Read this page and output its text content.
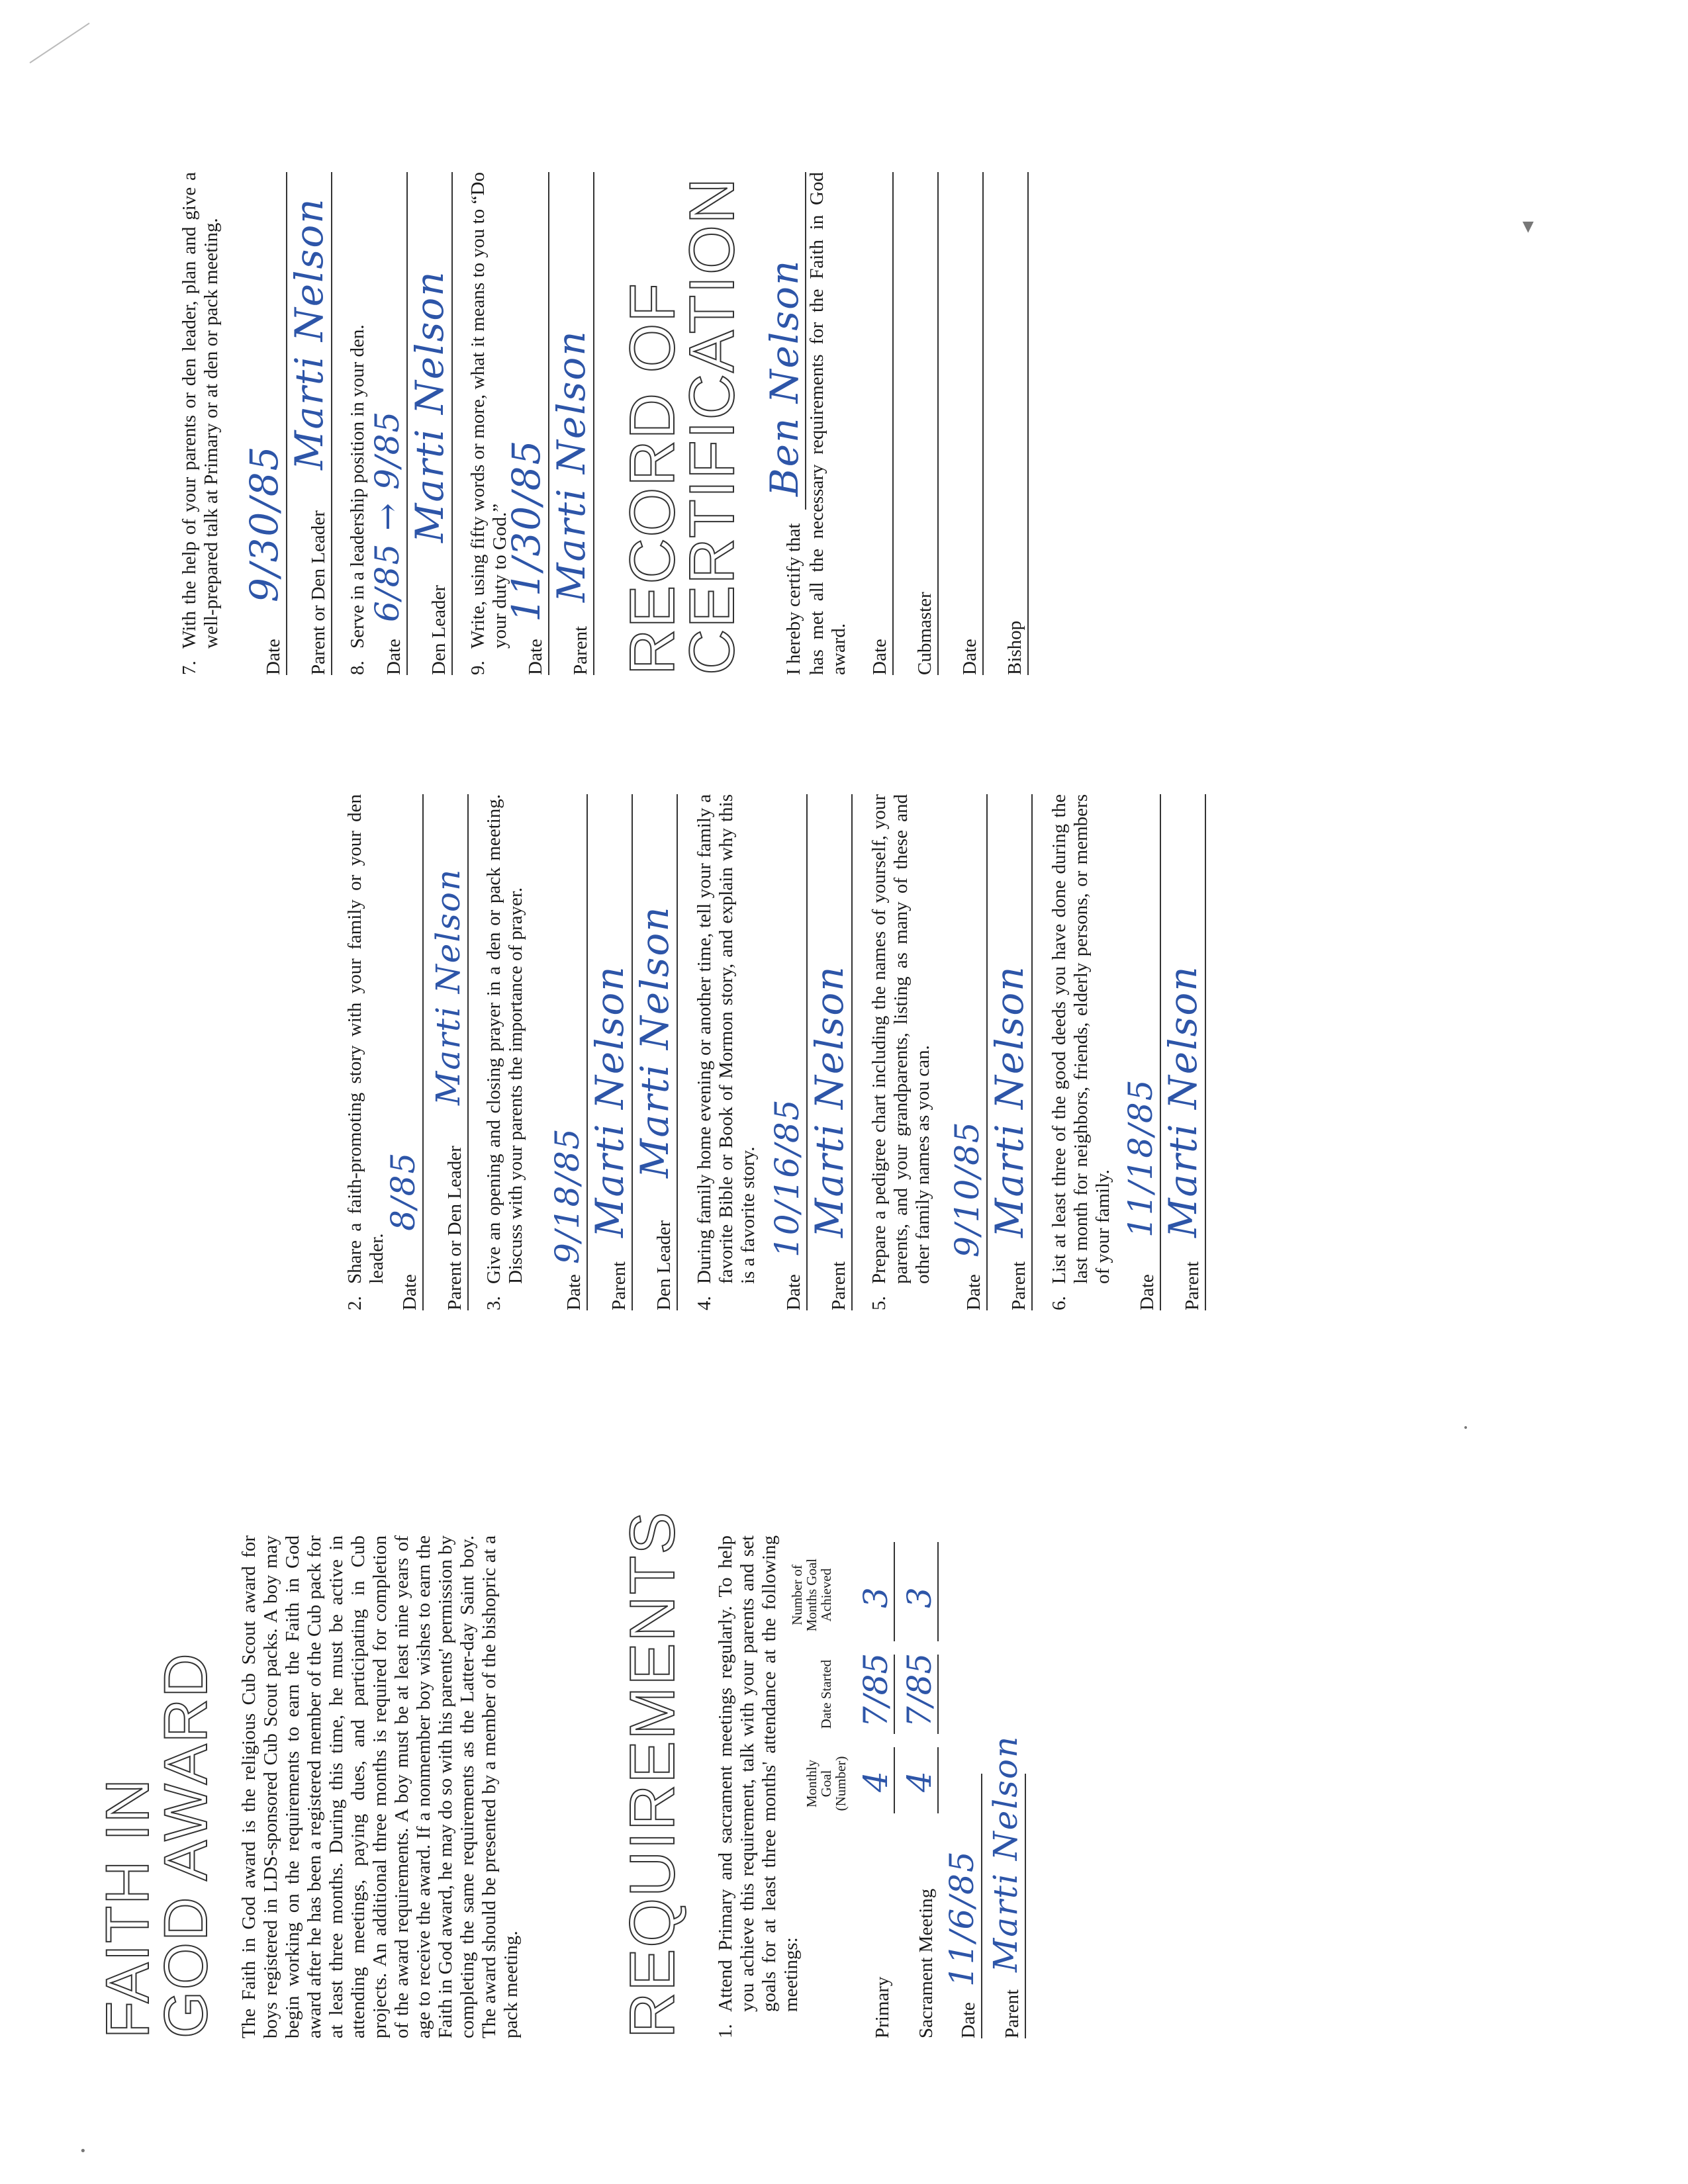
FAITH IN
GOD AWARD The Faith in God award is the religious Cub Scout award for boys registered in LDS-sponsored Cub Scout packs. A boy may begin working on the requirements to earn the Faith in God award after he has been a registered member of the Cub pack for at least three months. During this time, he must be active in attending meetings, paying dues, and participating in Cub projects. An additional three months is required for completion of the award requirements. A boy must be at least nine years of age to receive the award. If a nonmember boy wishes to earn the Faith in God award, he may do so with his parents' permission by completing the same requirements as the Latter-day Saint boy. The award should be presented by a member of the bishopric at a pack meeting. REQUIREMENTS 1.
Attend Primary and sacrament meetings regularly. To help you achieve this requirement, talk with your parents and set goals for at least three months' attendance at the following meetings:
Monthly Goal (Number)
Date Started
Number of Months Goal Achieved
Primary
4
7/85
3
Sacrament Meeting
4
7/85
3
Date
11/6/85
Parent
Marti Nelson
2.
Share a faith-promoting story with your family or your den leader.
Date
8/85 Parent or Den Leader
Marti Nelson
3.
Give an opening and closing prayer in a den or pack meeting. Discuss with your parents the importance of prayer.
Date
9/18/85
Parent
Marti Nelson
Den Leader
Marti Nelson
4.
During family home evening or another time, tell your family a favorite Bible or Book of Mormon story, and explain why this is a favorite story.
Date
10/16/85
Parent
Marti Nelson
5.
Prepare a pedigree chart including the names of yourself, your parents, and your grandparents, listing as many of these and other family names as you can.
Date
9/10/85
Parent
Marti Nelson
6.
List at least three of the good deeds you have done during the last month for neighbors, friends, elderly persons, or members of your family.
Date
11/18/85
Parent
Marti Nelson
7.
With the help of your parents or den leader, plan and give a well-prepared talk at Primary or at den or pack meeting.
Date
9/30/85 Parent or Den Leader
Marti Nelson
8.
Serve in a leadership position in your den.
Date
6/85 → 9/85
Den Leader
Marti Nelson
9.
Write, using fifty words or more, what it means to you to “Do your duty to God.”
Date
11/30/85
Parent
Marti Nelson RECORD OF
CERTIFICATION I hereby certify that
Ben Nelson has met all the necessary requirements for the Faith in God award. Date Cubmaster Date Bishop
▼
•
•
